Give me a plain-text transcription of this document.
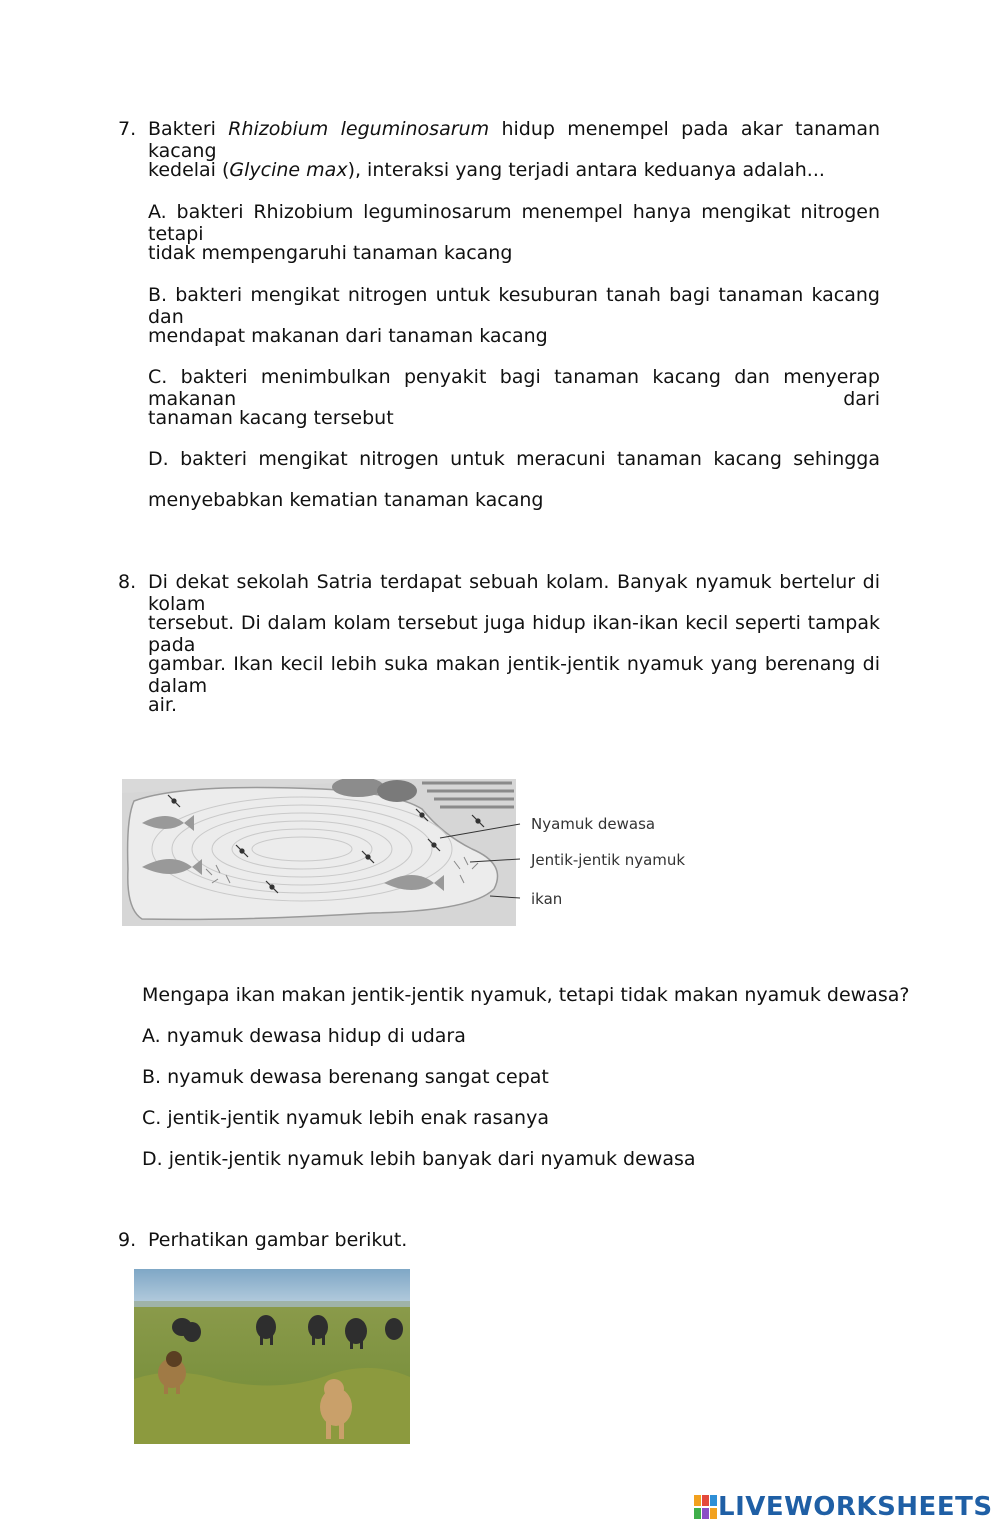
7. Bakteri Rhizobium leguminosarum hidup menempel pada akar tanaman kacang
kedelai (Glycine max), interaksi yang terjadi antara keduanya adalah...
A. bakteri Rhizobium leguminosarum menempel hanya mengikat nitrogen tetapi
tidak mempengaruhi tanaman kacang
B. bakteri mengikat nitrogen untuk kesuburan tanah bagi tanaman kacang dan
mendapat makanan dari tanaman kacang
C. bakteri menimbulkan penyakit bagi tanaman kacang dan menyerap makanan dari
tanaman kacang tersebut
D. bakteri mengikat nitrogen untuk meracuni tanaman kacang sehingga
menyebabkan kematian tanaman kacang
8. Di dekat sekolah Satria terdapat sebuah kolam. Banyak nyamuk bertelur di kolam
tersebut. Di dalam kolam tersebut juga hidup ikan-ikan kecil seperti tampak pada
gambar. Ikan kecil lebih suka makan jentik-jentik nyamuk yang berenang di dalam
air.
Nyamuk dewasa
Jentik-jentik nyamuk
ikan
Mengapa ikan makan jentik-jentik nyamuk, tetapi tidak makan nyamuk dewasa?
A. nyamuk dewasa hidup di udara
B. nyamuk dewasa berenang sangat cepat
C. jentik-jentik nyamuk lebih enak rasanya
D. jentik-jentik nyamuk lebih banyak dari nyamuk dewasa
9. Perhatikan gambar berikut.
LIVEWORKSHEETS
